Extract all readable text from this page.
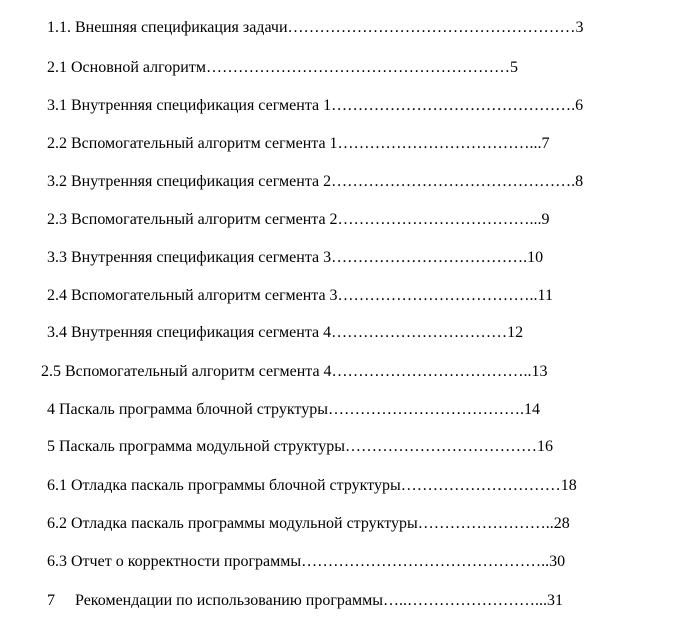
1.1. Внешняя спецификация задачи………………………………………………3
2.1 Основной алгоритм…………………………………………………5
3.1 Внутренняя спецификация сегмента 1……………………………………….6
2.2 Вспомогательный алгоритм сегмента 1………………………………...7
3.2 Внутренняя спецификация сегмента 2……………………………………….8
2.3 Вспомогательный алгоритм сегмента 2………………………………...9
3.3 Внутренняя спецификация сегмента 3……………………………….10
2.4 Вспомогательный алгоритм сегмента 3………………………………..11
3.4 Внутренняя спецификация сегмента 4……………………………12
2.5 Вспомогательный алгоритм сегмента 4………………………………..13
4 Паскаль программа блочной структуры……………………………….14
5 Паскаль программа модульной структуры………………………………16
6.1 Отладка паскаль программы блочной структуры…………………………18
6.2 Отладка паскаль программы модульной структуры……………………..28
6.3 Отчет о корректности программы………………………………………..30
7     Рекомендации по использованию программы…..……………………...31
